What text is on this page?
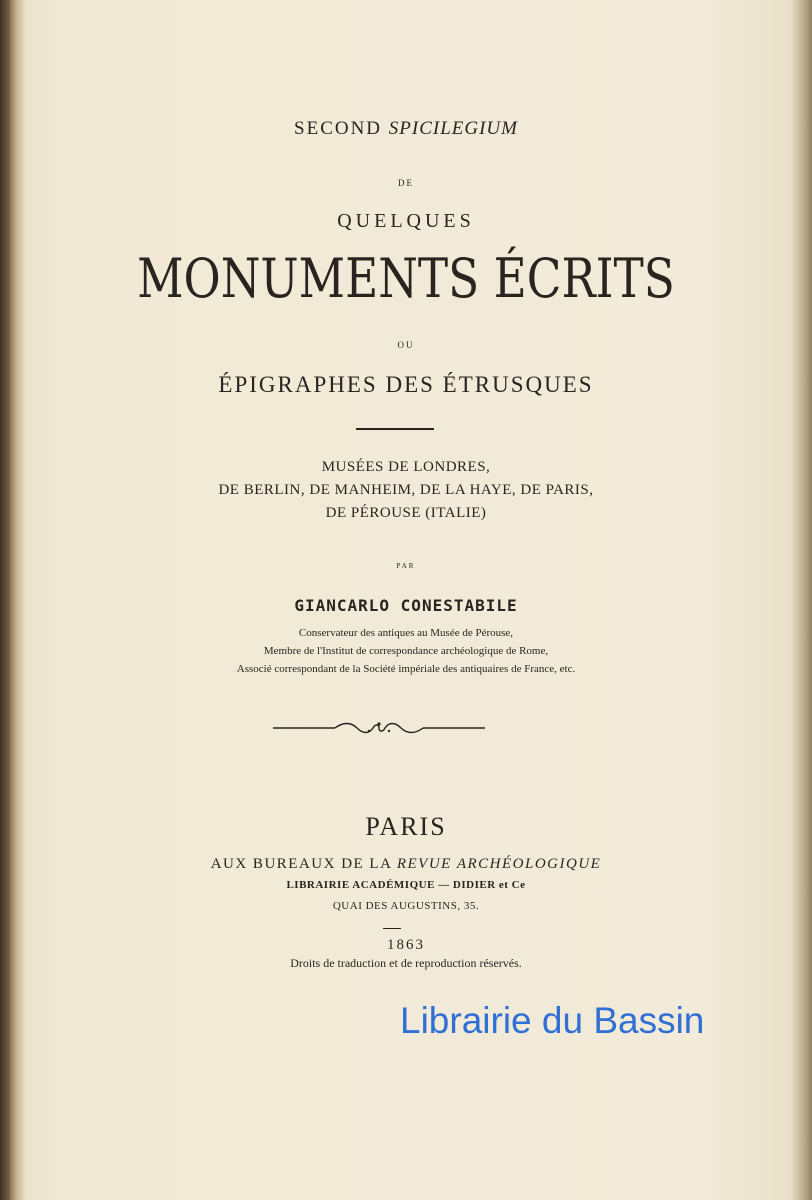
SECOND SPICILEGIUM
DE
QUELQUES
MONUMENTS ÉCRITS
OU
ÉPIGRAPHES DES ÉTRUSQUES
MUSÉES DE LONDRES,
DE BERLIN, DE MANHEIM, DE LA HAYE, DE PARIS,
DE PÉROUSE (ITALIE)
PAR
GIANCARLO CONESTABILE
Conservateur des antiques au Musée de Pérouse,
Membre de l'Institut de correspondance archéologique de Rome,
Associé correspondant de la Société impériale des antiquaires de France, etc.
PARIS
AUX BUREAUX DE LA REVUE ARCHÉOLOGIQUE
LIBRAIRIE ACADÉMIQUE — DIDIER et Ce
QUAI DES AUGUSTINS, 35.
1863
Droits de traduction et de reproduction réservés.
Librairie du Bassin
